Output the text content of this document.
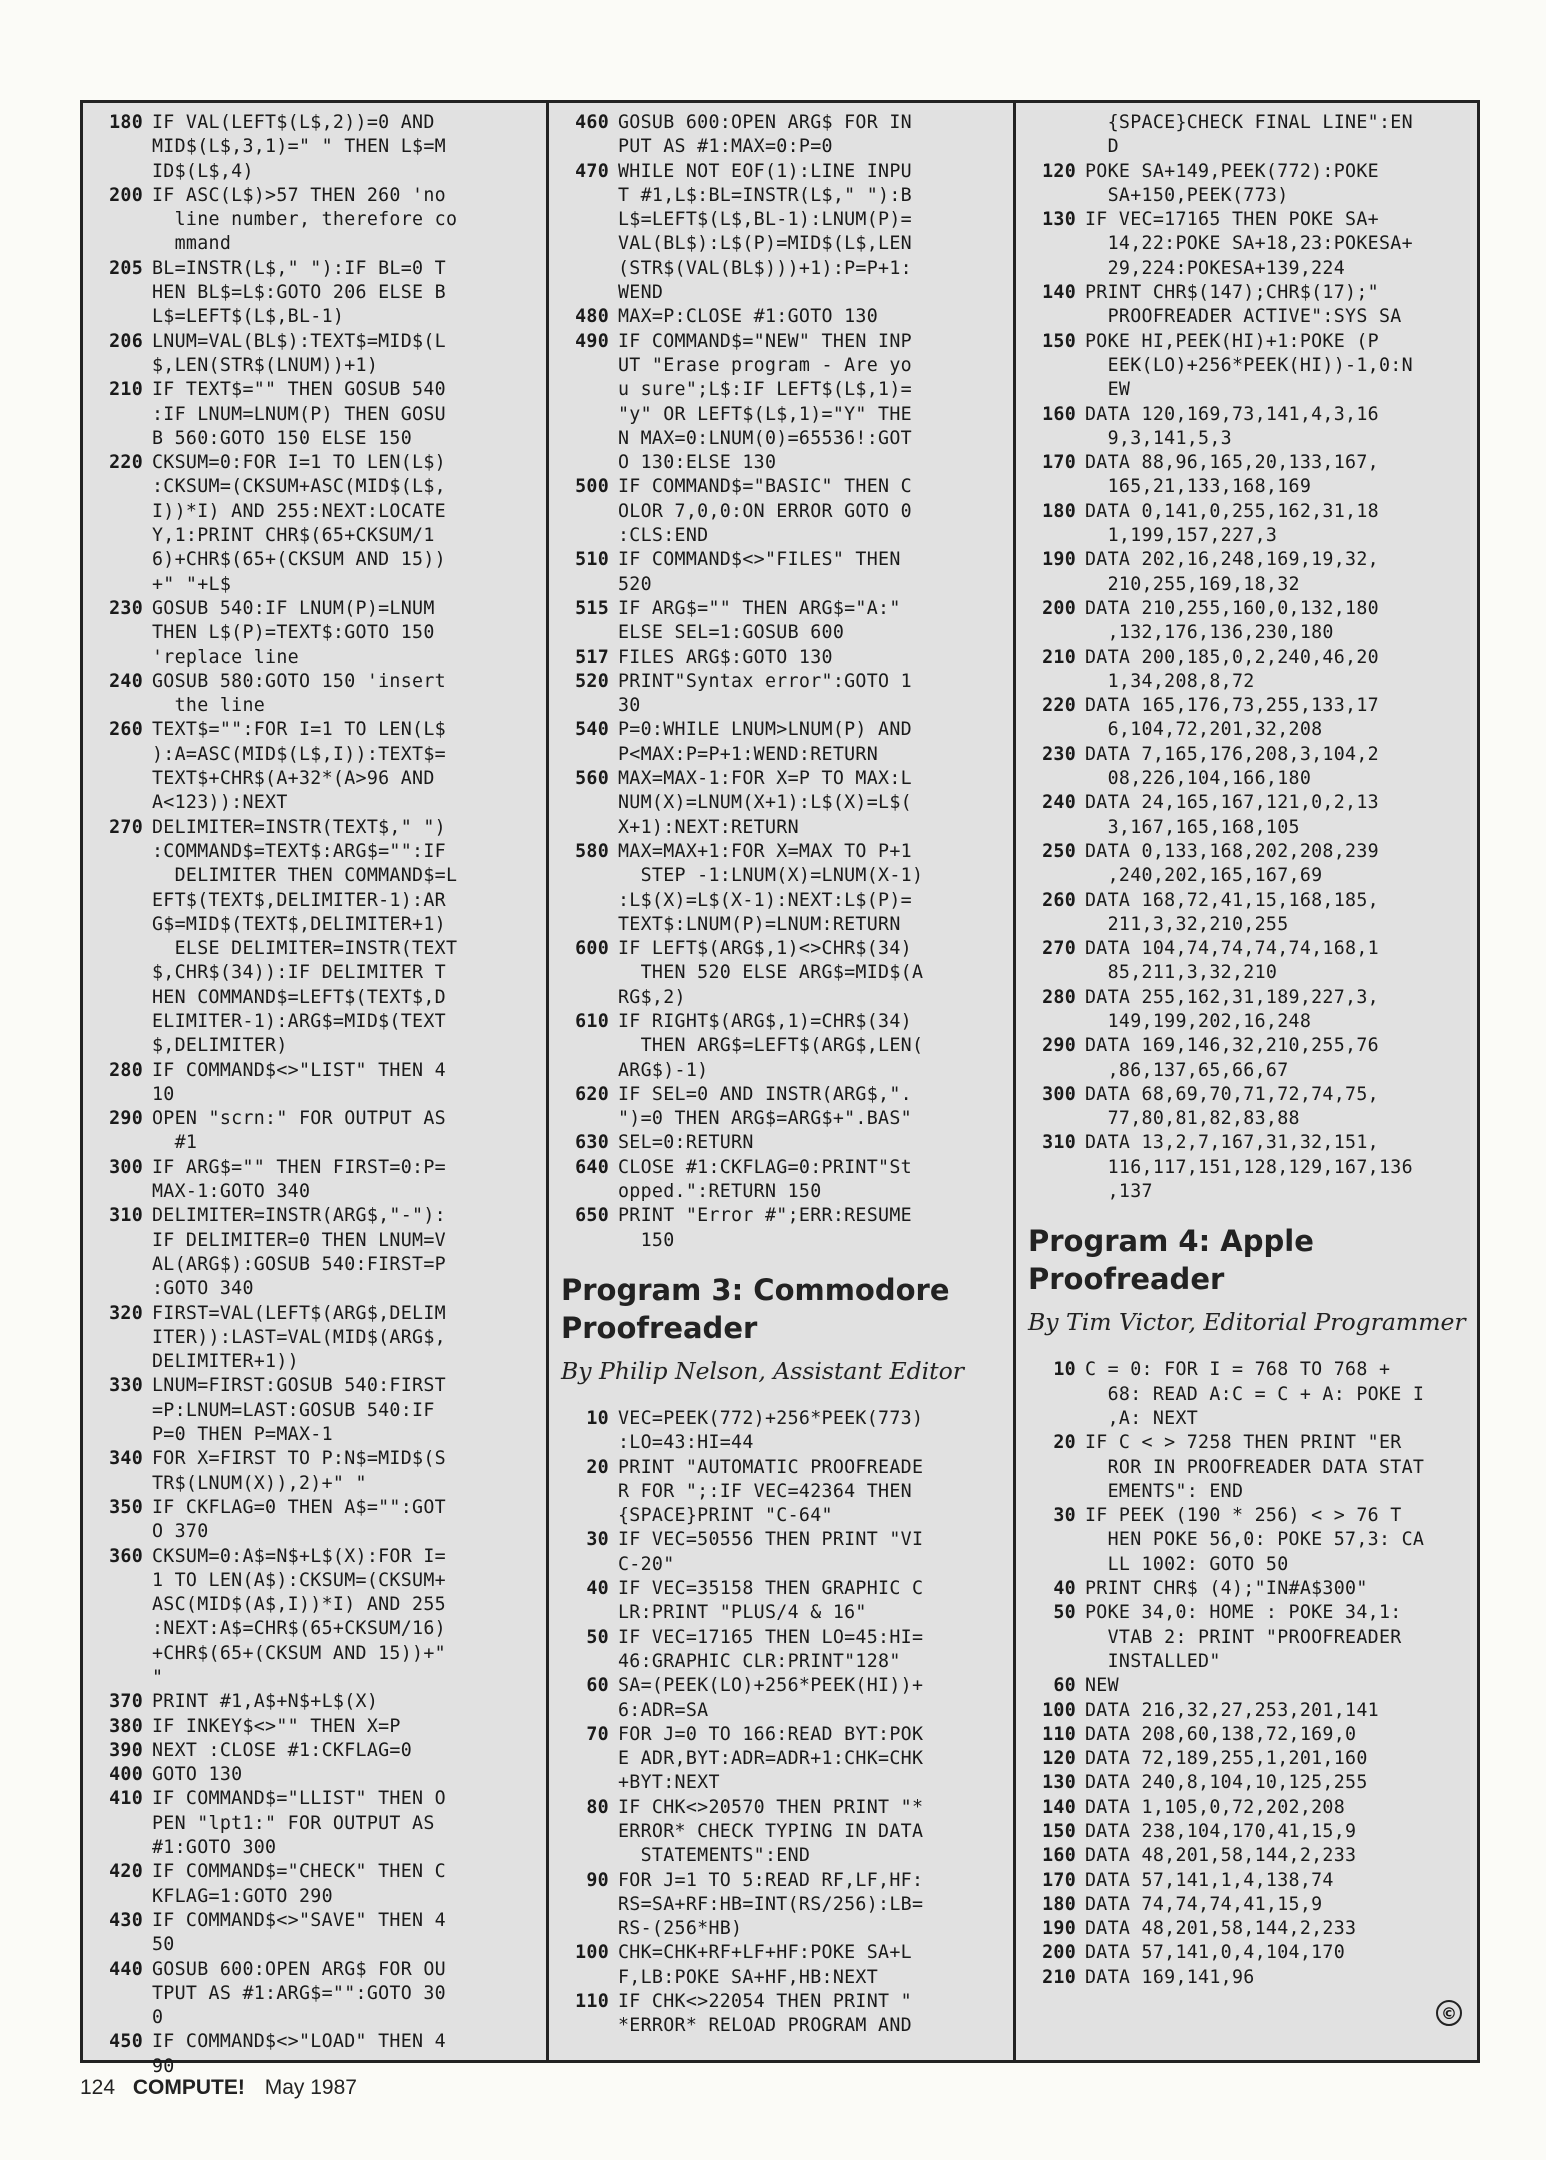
180 IF VAL(LEFT$(L$,2))=0 AND
MID$(L$,3,1)=" " THEN L$=M
ID$(L$,4)
200 IF ASC(L$)>57 THEN 260 'no
line number, therefore co
mmand
205 BL=INSTR(L$," "):IF BL=0 T
HEN BL$=L$:GOTO 206 ELSE B
L$=LEFT$(L$,BL-1)
206 LNUM=VAL(BL$):TEXT$=MID$(L
$,LEN(STR$(LNUM))+1)
210 IF TEXT$="" THEN GOSUB 540
:IF LNUM=LNUM(P) THEN GOSU
B 560:GOTO 150 ELSE 150
220 CKSUM=0:FOR I=1 TO LEN(L$)
:CKSUM=(CKSUM+ASC(MID$(L$,
I))*I) AND 255:NEXT:LOCATE
Y,1:PRINT CHR$(65+CKSUM/1
6)+CHR$(65+(CKSUM AND 15))
+" "+L$
230 GOSUB 540:IF LNUM(P)=LNUM
THEN L$(P)=TEXT$:GOTO 150
'replace line
240 GOSUB 580:GOTO 150 'insert
the line
260 TEXT$="":FOR I=1 TO LEN(L$
):A=ASC(MID$(L$,I)):TEXT$=
TEXT$+CHR$(A+32*(A>96 AND
A<123)):NEXT
270 DELIMITER=INSTR(TEXT$," ")
:COMMAND$=TEXT$:ARG$="":IF
DELIMITER THEN COMMAND$=L
EFT$(TEXT$,DELIMITER-1):AR
G$=MID$(TEXT$,DELIMITER+1)
ELSE DELIMITER=INSTR(TEXT
$,CHR$(34)):IF DELIMITER T
HEN COMMAND$=LEFT$(TEXT$,D
ELIMITER-1):ARG$=MID$(TEXT
$,DELIMITER)
280 IF COMMAND$<>"LIST" THEN 4
10
290 OPEN "scrn:" FOR OUTPUT AS
#1
300 IF ARG$="" THEN FIRST=0:P=
MAX-1:GOTO 340
310 DELIMITER=INSTR(ARG$,"-"):
IF DELIMITER=0 THEN LNUM=V
AL(ARG$):GOSUB 540:FIRST=P
:GOTO 340
320 FIRST=VAL(LEFT$(ARG$,DELIM
ITER)):LAST=VAL(MID$(ARG$,
DELIMITER+1))
330 LNUM=FIRST:GOSUB 540:FIRST
=P:LNUM=LAST:GOSUB 540:IF
P=0 THEN P=MAX-1
340 FOR X=FIRST TO P:N$=MID$(S
TR$(LNUM(X)),2)+" "
350 IF CKFLAG=0 THEN A$="":GOT
O 370
360 CKSUM=0:A$=N$+L$(X):FOR I=
1 TO LEN(A$):CKSUM=(CKSUM+
ASC(MID$(A$,I))*I) AND 255
:NEXT:A$=CHR$(65+CKSUM/16)
+CHR$(65+(CKSUM AND 15))+"
"
370 PRINT #1,A$+N$+L$(X)
380 IF INKEY$<>"" THEN X=P
390 NEXT :CLOSE #1:CKFLAG=0
400 GOTO 130
410 IF COMMAND$="LLIST" THEN O
PEN "lpt1:" FOR OUTPUT AS
#1:GOTO 300
420 IF COMMAND$="CHECK" THEN C
KFLAG=1:GOTO 290
430 IF COMMAND$<>"SAVE" THEN 4
50
440 GOSUB 600:OPEN ARG$ FOR OU
TPUT AS #1:ARG$="":GOTO 30
0
450 IF COMMAND$<>"LOAD" THEN 4
90
460 GOSUB 600:OPEN ARG$ FOR IN
PUT AS #1:MAX=0:P=0
470 WHILE NOT EOF(1):LINE INPU
T #1,L$:BL=INSTR(L$," "):B
L$=LEFT$(L$,BL-1):LNUM(P)=
VAL(BL$):L$(P)=MID$(L$,LEN
(STR$(VAL(BL$)))+1):P=P+1:
WEND
480 MAX=P:CLOSE #1:GOTO 130
490 IF COMMAND$="NEW" THEN INP
UT "Erase program - Are yo
u sure";L$:IF LEFT$(L$,1)=
"y" OR LEFT$(L$,1)="Y" THE
N MAX=0:LNUM(0)=65536!:GOT
O 130:ELSE 130
500 IF COMMAND$="BASIC" THEN C
OLOR 7,0,0:ON ERROR GOTO 0
:CLS:END
510 IF COMMAND$<>"FILES" THEN
520
515 IF ARG$="" THEN ARG$="A:"
ELSE SEL=1:GOSUB 600
517 FILES ARG$:GOTO 130
520 PRINT"Syntax error":GOTO 1
30
540 P=0:WHILE LNUM>LNUM(P) AND
P<MAX:P=P+1:WEND:RETURN
560 MAX=MAX-1:FOR X=P TO MAX:L
NUM(X)=LNUM(X+1):L$(X)=L$(
X+1):NEXT:RETURN
580 MAX=MAX+1:FOR X=MAX TO P+1
STEP -1:LNUM(X)=LNUM(X-1)
:L$(X)=L$(X-1):NEXT:L$(P)=
TEXT$:LNUM(P)=LNUM:RETURN
600 IF LEFT$(ARG$,1)<>CHR$(34)
THEN 520 ELSE ARG$=MID$(A
RG$,2)
610 IF RIGHT$(ARG$,1)=CHR$(34)
THEN ARG$=LEFT$(ARG$,LEN(
ARG$)-1)
620 IF SEL=0 AND INSTR(ARG$,".
")=0 THEN ARG$=ARG$+".BAS"
630 SEL=0:RETURN
640 CLOSE #1:CKFLAG=0:PRINT"St
opped.":RETURN 150
650 PRINT "Error #";ERR:RESUME
150
Program 3: Commodore Proofreader
By Philip Nelson, Assistant Editor
10 VEC=PEEK(772)+256*PEEK(773)
:LO=43:HI=44
20 PRINT "AUTOMATIC PROOFREADE
R FOR ";:IF VEC=42364 THEN
{SPACE}PRINT "C-64"
30 IF VEC=50556 THEN PRINT "VI
C-20"
40 IF VEC=35158 THEN GRAPHIC C
LR:PRINT "PLUS/4 & 16"
50 IF VEC=17165 THEN LO=45:HI=
46:GRAPHIC CLR:PRINT"128"
60 SA=(PEEK(LO)+256*PEEK(HI))+
6:ADR=SA
70 FOR J=0 TO 166:READ BYT:POK
E ADR,BYT:ADR=ADR+1:CHK=CHK
+BYT:NEXT
80 IF CHK<>20570 THEN PRINT "*
ERROR* CHECK TYPING IN DATA
STATEMENTS":END
90 FOR J=1 TO 5:READ RF,LF,HF:
RS=SA+RF:HB=INT(RS/256):LB=
RS-(256*HB)
100 CHK=CHK+RF+LF+HF:POKE SA+L
F,LB:POKE SA+HF,HB:NEXT
110 IF CHK<>22054 THEN PRINT "
*ERROR* RELOAD PROGRAM AND
{SPACE}CHECK FINAL LINE":EN
D
120 POKE SA+149,PEEK(772):POKE
SA+150,PEEK(773)
130 IF VEC=17165 THEN POKE SA+
14,22:POKE SA+18,23:POKESA+
29,224:POKESA+139,224
140 PRINT CHR$(147);CHR$(17);"
PROOFREADER ACTIVE":SYS SA
150 POKE HI,PEEK(HI)+1:POKE (P
EEK(LO)+256*PEEK(HI))-1,0:N
EW
160 DATA 120,169,73,141,4,3,16
9,3,141,5,3
170 DATA 88,96,165,20,133,167,
165,21,133,168,169
180 DATA 0,141,0,255,162,31,18
1,199,157,227,3
190 DATA 202,16,248,169,19,32,
210,255,169,18,32
200 DATA 210,255,160,0,132,180
,132,176,136,230,180
210 DATA 200,185,0,2,240,46,20
1,34,208,8,72
220 DATA 165,176,73,255,133,17
6,104,72,201,32,208
230 DATA 7,165,176,208,3,104,2
08,226,104,166,180
240 DATA 24,165,167,121,0,2,13
3,167,165,168,105
250 DATA 0,133,168,202,208,239
,240,202,165,167,69
260 DATA 168,72,41,15,168,185,
211,3,32,210,255
270 DATA 104,74,74,74,74,168,1
85,211,3,32,210
280 DATA 255,162,31,189,227,3,
149,199,202,16,248
290 DATA 169,146,32,210,255,76
,86,137,65,66,67
300 DATA 68,69,70,71,72,74,75,
77,80,81,82,83,88
310 DATA 13,2,7,167,31,32,151,
116,117,151,128,129,167,136
,137
Program 4: Apple Proofreader
By Tim Victor, Editorial Programmer
10 C = 0: FOR I = 768 TO 768 +
68: READ A:C = C + A: POKE I
,A: NEXT
20 IF C < > 7258 THEN PRINT "ER
ROR IN PROOFREADER DATA STAT
EMENTS": END
30 IF PEEK (190 * 256) < > 76 T
HEN POKE 56,0: POKE 57,3: CA
LL 1002: GOTO 50
40 PRINT CHR$ (4);"IN#A$300"
50 POKE 34,0: HOME : POKE 34,1:
VTAB 2: PRINT "PROOFREADER
INSTALLED"
60 NEW
100 DATA 216,32,27,253,201,141
110 DATA 208,60,138,72,169,0
120 DATA 72,189,255,1,201,160
130 DATA 240,8,104,10,125,255
140 DATA 1,105,0,72,202,208
150 DATA 238,104,170,41,15,9
160 DATA 48,201,58,144,2,233
170 DATA 57,141,1,4,138,74
180 DATA 74,74,74,41,15,9
190 DATA 48,201,58,144,2,233
200 DATA 57,141,0,4,104,170
210 DATA 169,141,96
©
124 COMPUTE! May 1987
